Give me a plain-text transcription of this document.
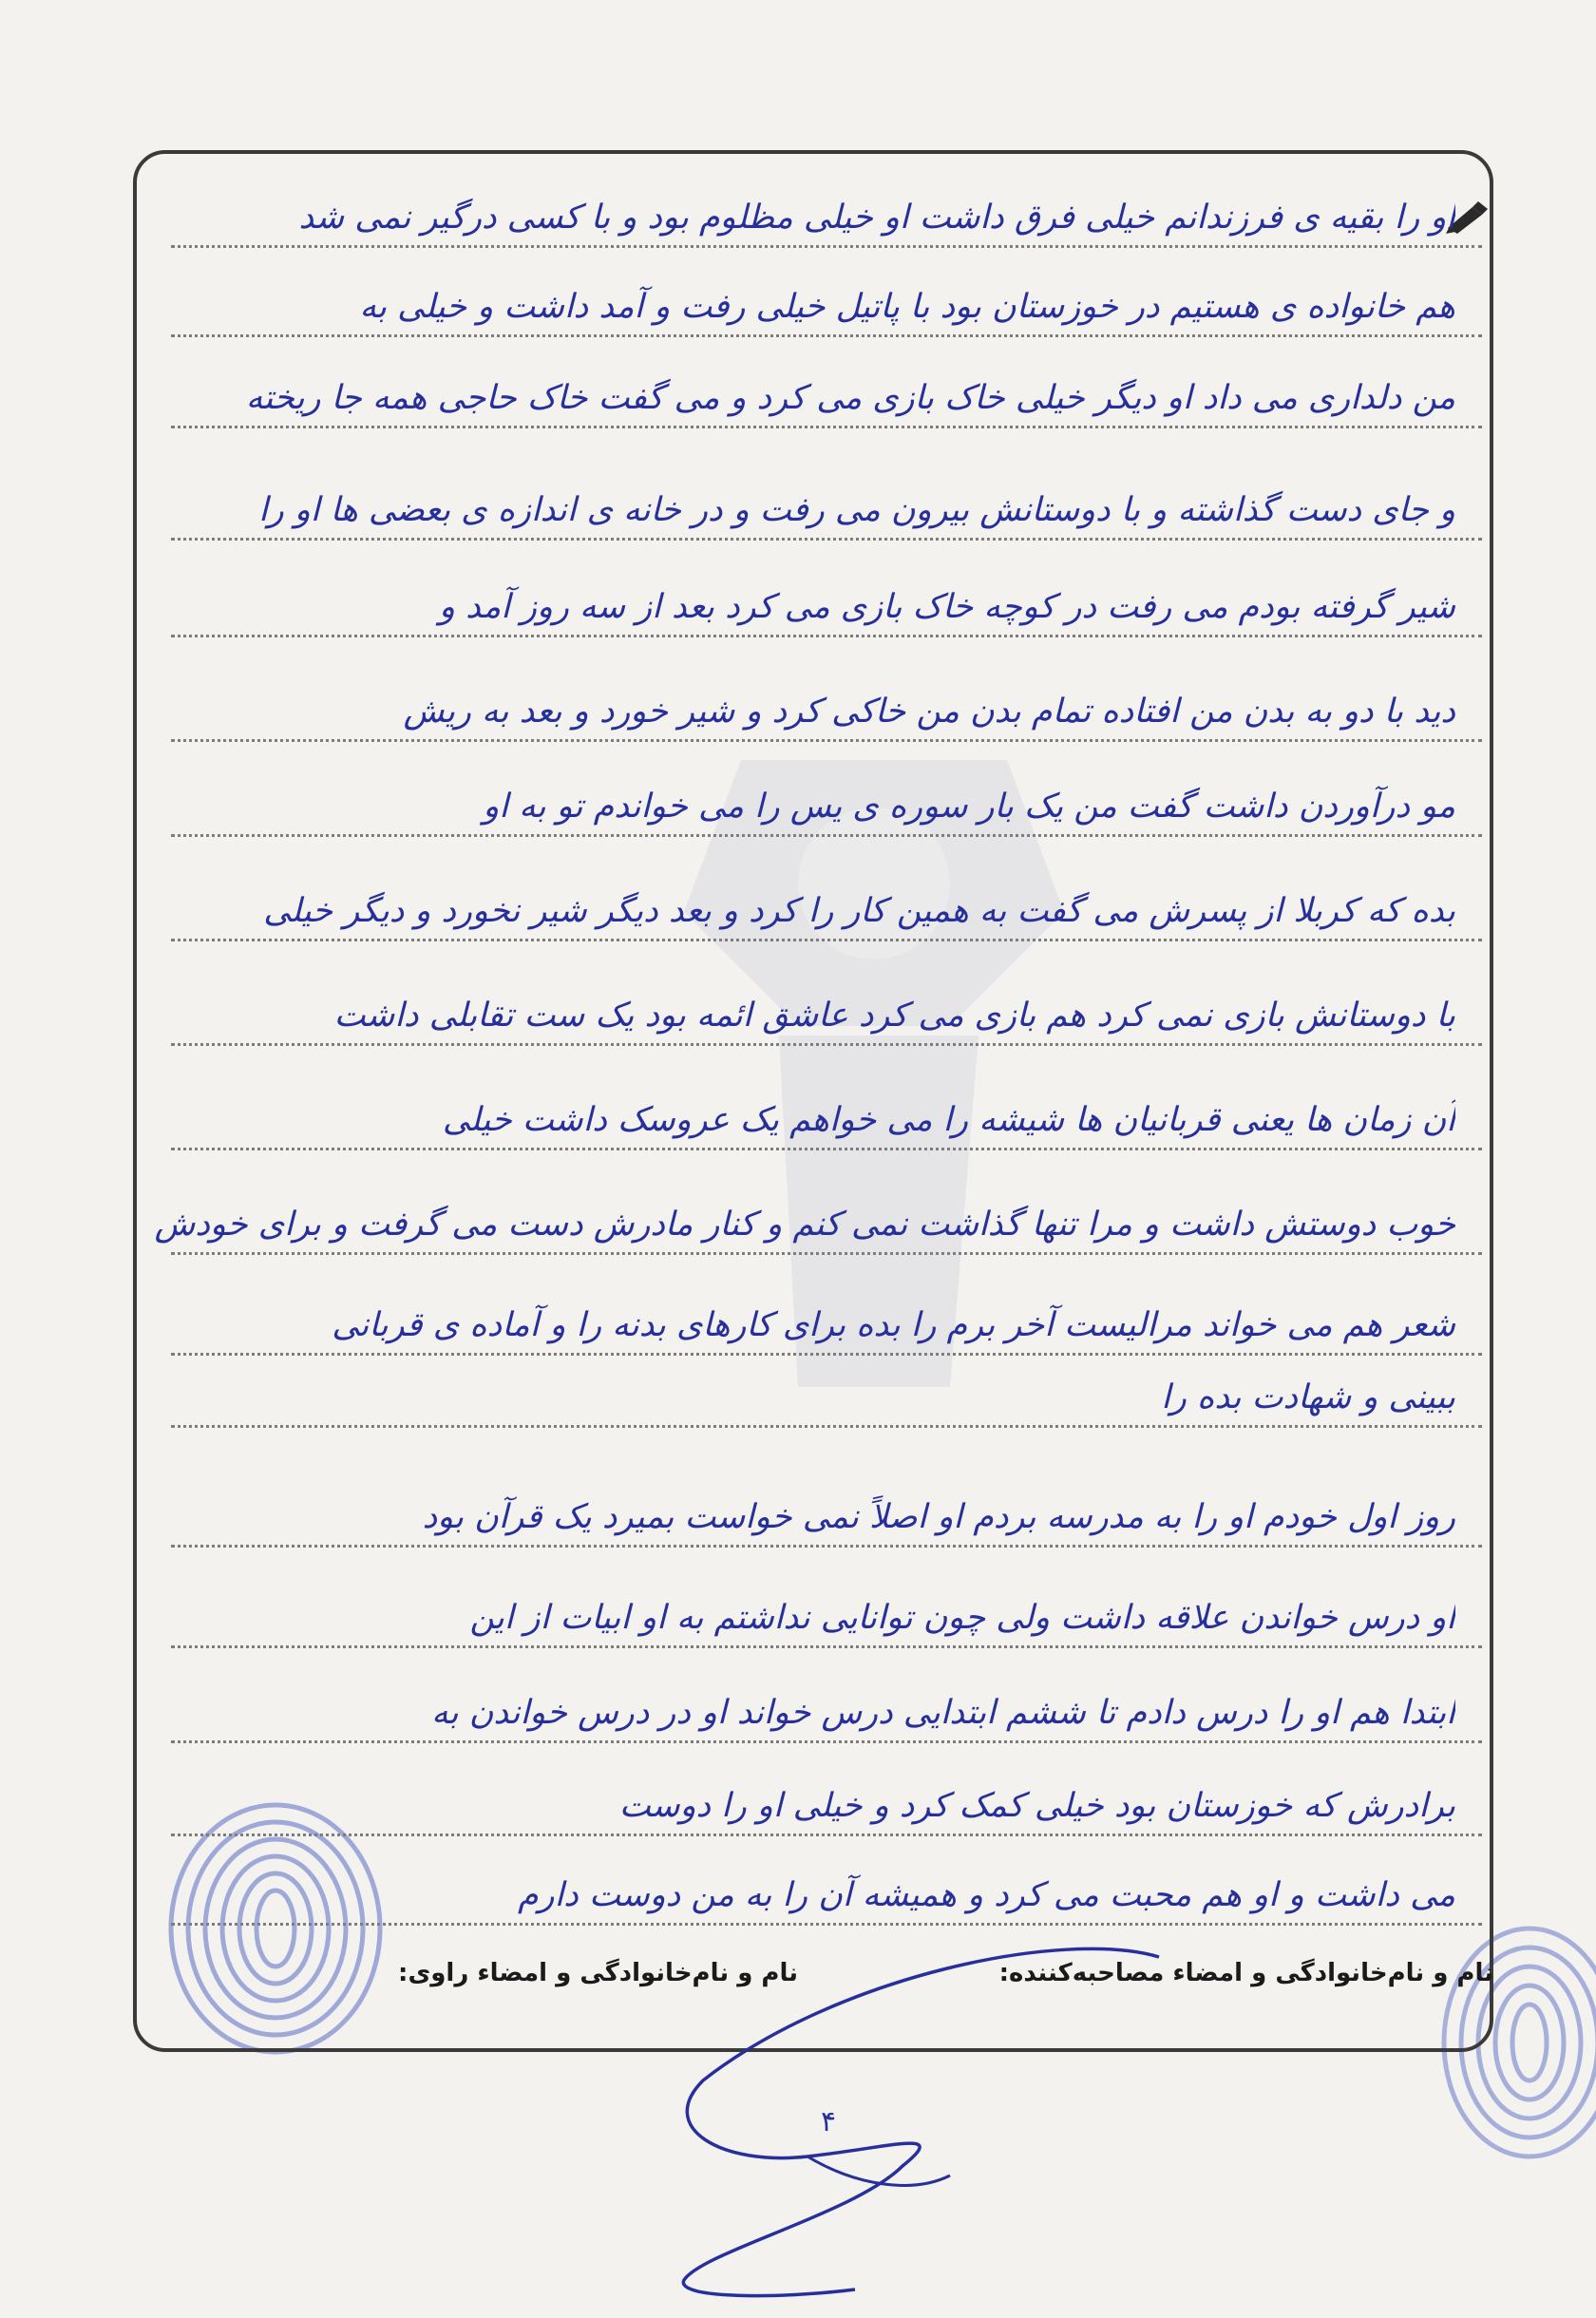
او را بقیه ی فرزندانم خیلی فرق داشت او خیلی مظلوم بود و با کسی درگیر نمی شد
هم خانواده ی هستیم در خوزستان بود با پاتیل خیلی رفت و آمد داشت و خیلی به
من دلداری می داد او دیگر خیلی خاک بازی می کرد و می گفت خاک حاجی همه جا ریخته
و جای دست گذاشته و با دوستانش بیرون می رفت و در خانه ی اندازه ی بعضی ها او را
شیر گرفته بودم می رفت در کوچه خاک بازی می کرد بعد از سه روز آمد و
دید با دو به بدن من افتاده تمام بدن من خاکی کرد و شیر خورد و بعد به ریش
مو درآوردن داشت گفت من یک بار سوره ی یس را می خواندم تو به او
بده که کربلا از پسرش می گفت به همین کار را کرد و بعد دیگر شیر نخورد و دیگر خیلی
با دوستانش بازی نمی کرد هم بازی می کرد عاشق ائمه بود یک ست تقابلی داشت
آن زمان ها یعنی قربانیان ها شیشه را می خواهم یک عروسک داشت خیلی
خوب دوستش داشت و مرا تنها گذاشت نمی کنم و کنار مادرش دست می گرفت و برای خودش
شعر هم می خواند مرالیست آخر برم را بده برای کارهای بدنه را و آماده ی قربانی
ببینی و شهادت بده را
روز اول خودم او را به مدرسه بردم او اصلاً نمی خواست بمیرد یک قرآن بود
او درس خواندن علاقه داشت ولی چون توانایی نداشتم به او ابیات از این
ابتدا هم او را درس دادم تا ششم ابتدایی درس خواند او در درس خواندن به
برادرش که خوزستان بود خیلی کمک کرد و خیلی او را دوست
می داشت و او هم محبت می کرد و همیشه آن را به من دوست دارم
نام و نام‌خانوادگی و امضاء مصاحبه‌کننده:
نام و نام‌خانوادگی و امضاء راوی:
۴
